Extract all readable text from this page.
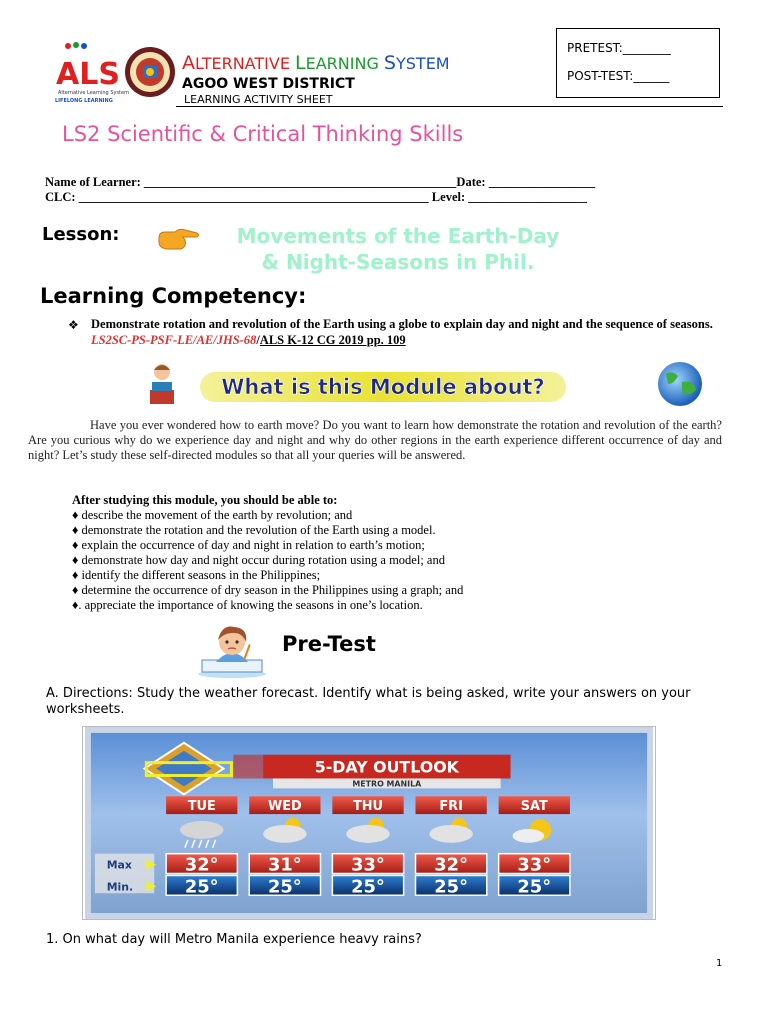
ALS
Alternative Learning System
LIFELONG LEARNING
ALTERNATIVE LEARNING SYSTEM
AGOO WEST DISTRICT
LEARNING ACTIVITY SHEET
PRETEST:________
POST-TEST:______
LS2 Scientific & Critical Thinking Skills
Name of Learner: __________________________________________________Date: _________________
CLC: ________________________________________________________ Level: ___________________
Lesson:	Movements of the Earth-Day
& Night-Seasons in Phil.
Learning Competency:
❖ Demonstrate rotation and revolution of the Earth using a globe to explain day and night and the sequence of seasons. LS2SC-PS-PSF-LE/AE/JHS-68/ALS K-12 CG 2019 pp. 109
What is this Module about?
Have you ever wondered how to earth move? Do you want to learn how demonstrate the rotation and revolution of the earth? Are you curious why do we experience day and night and why do other regions in the earth experience different occurrence of day and night? Let’s study these self-directed modules so that all your queries will be answered.
After studying this module, you should be able to:
♦ describe the movement of the earth by revolution; and
♦ demonstrate the rotation and the revolution of the Earth using a model.
♦ explain the occurrence of day and night in relation to earth’s motion;
♦ demonstrate how day and night occur during rotation using a model; and
♦ identify the different seasons in the Philippines;
♦ determine the occurrence of dry season in the Philippines using a graph; and
♦. appreciate the importance of knowing the seasons in one’s location.
Pre-Test
A. Directions: Study the weather forecast. Identify what is being asked, write your answers on your worksheets.
5-DAY OUTLOOK
METRO MANILA
Max
Min.
TUE
32°
25°
WED
31°
25°
THU
33°
25°
FRI
32°
25°
SAT
33°
25°
1. On what day will Metro Manila experience heavy rains?
1
